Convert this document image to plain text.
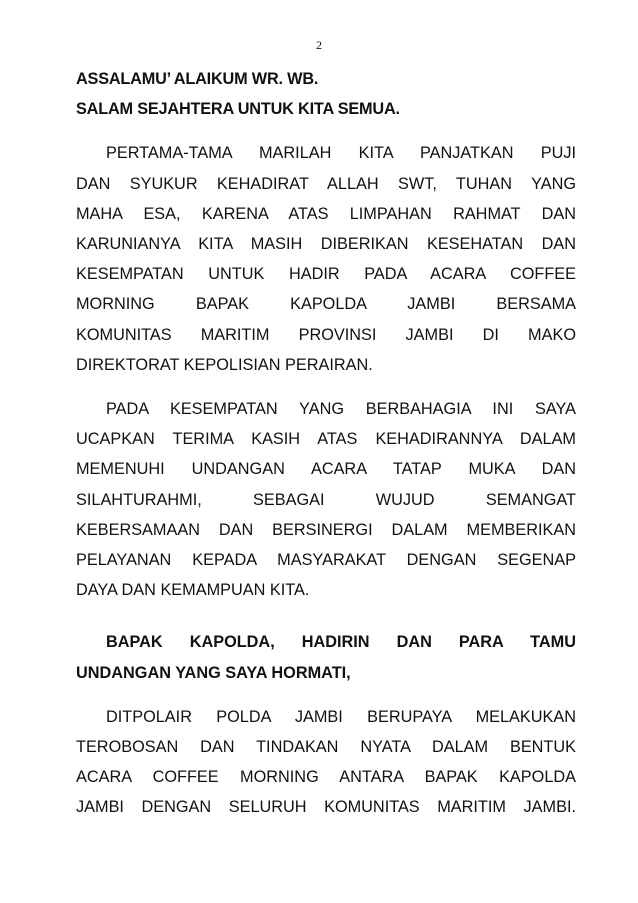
2
ASSALAMU’ ALAIKUM WR. WB.
SALAM SEJAHTERA UNTUK KITA SEMUA.
PERTAMA-TAMA MARILAH KITA PANJATKAN PUJI
DAN SYUKUR KEHADIRAT ALLAH SWT, TUHAN YANG
MAHA ESA, KARENA ATAS LIMPAHAN RAHMAT DAN
KARUNIANYA KITA MASIH DIBERIKAN KESEHATAN DAN
KESEMPATAN UNTUK HADIR PADA ACARA COFFEE
MORNING BAPAK KAPOLDA JAMBI BERSAMA
KOMUNITAS MARITIM PROVINSI JAMBI DI MAKO
DIREKTORAT KEPOLISIAN PERAIRAN.
PADA KESEMPATAN YANG BERBAHAGIA INI SAYA
UCAPKAN TERIMA KASIH ATAS KEHADIRANNYA DALAM
MEMENUHI UNDANGAN ACARA TATAP MUKA DAN
SILAHTURAHMI, SEBAGAI WUJUD SEMANGAT
KEBERSAMAAN DAN BERSINERGI DALAM MEMBERIKAN
PELAYANAN KEPADA MASYARAKAT DENGAN SEGENAP
DAYA DAN KEMAMPUAN KITA.
BAPAK KAPOLDA, HADIRIN DAN PARA TAMU
UNDANGAN YANG SAYA HORMATI,
DITPOLAIR POLDA JAMBI BERUPAYA MELAKUKAN
TEROBOSAN DAN TINDAKAN NYATA DALAM BENTUK
ACARA COFFEE MORNING ANTARA BAPAK KAPOLDA
JAMBI DENGAN SELURUH KOMUNITAS MARITIM JAMBI.
